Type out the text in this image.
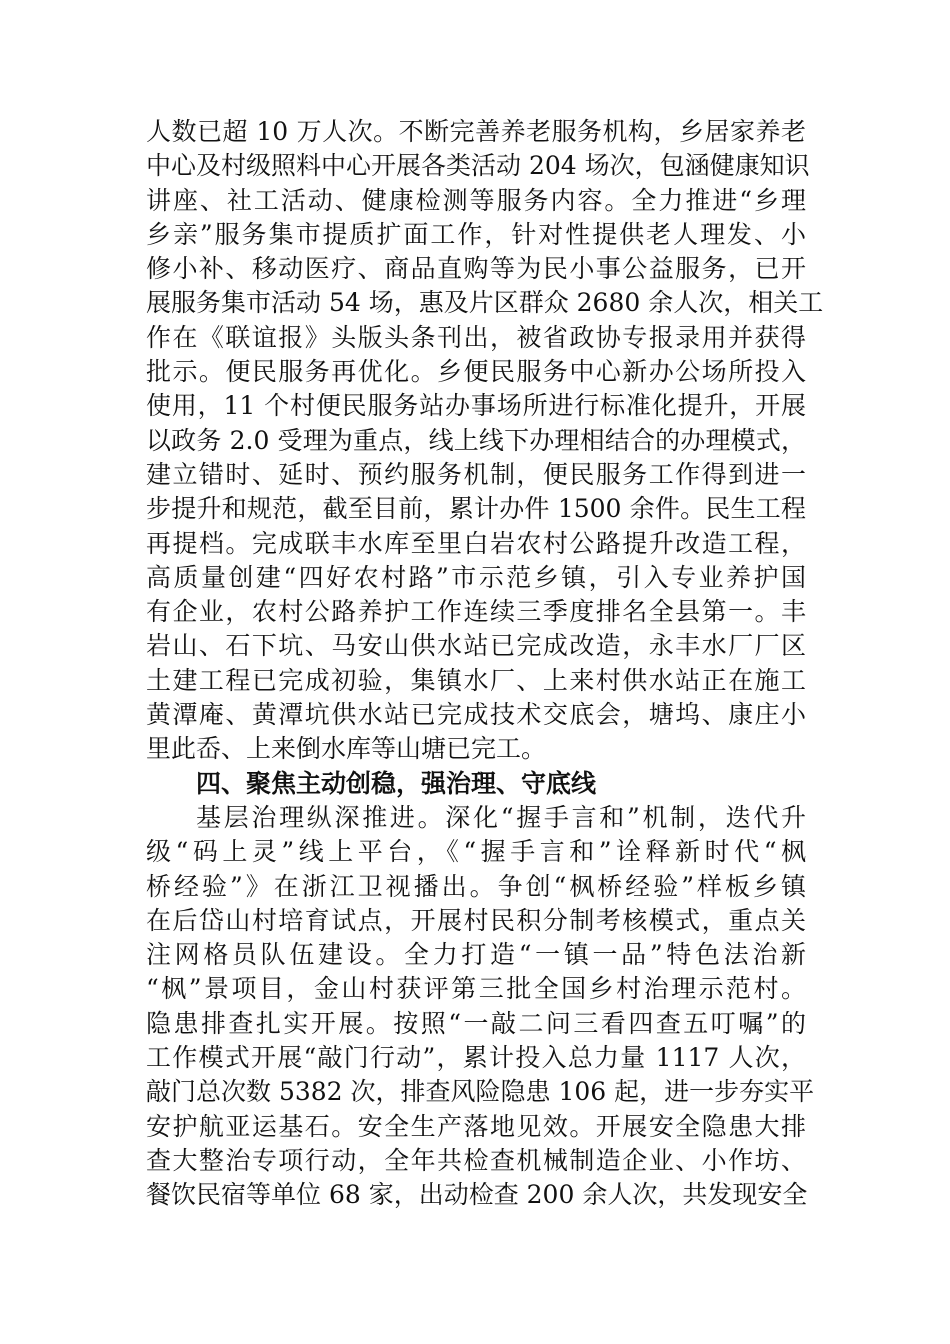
人数已超 10 万人次。不断完善养老服务机构，乡居家养老
中心及村级照料中心开展各类活动 204 场次，包涵健康知识
讲座、社工活动、健康检测等服务内容。全力推进“乡理
乡亲”服务集市提质扩面工作，针对性提供老人理发、小
修小补、移动医疗、商品直购等为民小事公益服务，已开
展服务集市活动 54 场，惠及片区群众 2680 余人次，相关工
作在《联谊报》头版头条刊出，被省政协专报录用并获得
批示。便民服务再优化。乡便民服务中心新办公场所投入
使用，11 个村便民服务站办事场所进行标准化提升，开展
以政务 2.0 受理为重点，线上线下办理相结合的办理模式，
建立错时、延时、预约服务机制，便民服务工作得到进一
步提升和规范，截至目前，累计办件 1500 余件。民生工程
再提档。完成联丰水库至里白岩农村公路提升改造工程，
高质量创建“四好农村路”市示范乡镇，引入专业养护国
有企业，农村公路养护工作连续三季度排名全县第一。丰
岩山、石下坑、马安山供水站已完成改造，永丰水厂厂区
土建工程已完成初验，集镇水厂、上来村供水站正在施工
黄潭庵、黄潭坑供水站已完成技术交底会，塘坞、康庄小
里此岙、上来倒水库等山塘已完工。
四、聚焦主动创稳，强治理、守底线
基层治理纵深推进。深化“握手言和”机制，迭代升
级“码上灵”线上平台，《“握手言和”诠释新时代“枫
桥经验”》在浙江卫视播出。争创“枫桥经验”样板乡镇
在后岱山村培育试点，开展村民积分制考核模式，重点关
注网格员队伍建设。全力打造“一镇一品”特色法治新
“枫”景项目，金山村获评第三批全国乡村治理示范村。
隐患排查扎实开展。按照“一敲二问三看四查五叮嘱”的
工作模式开展“敲门行动”，累计投入总力量 1117 人次，
敲门总次数 5382 次，排查风险隐患 106 起，进一步夯实平
安护航亚运基石。安全生产落地见效。开展安全隐患大排
查大整治专项行动，全年共检查机械制造企业、小作坊、
餐饮民宿等单位 68 家，出动检查 200 余人次，共发现安全
